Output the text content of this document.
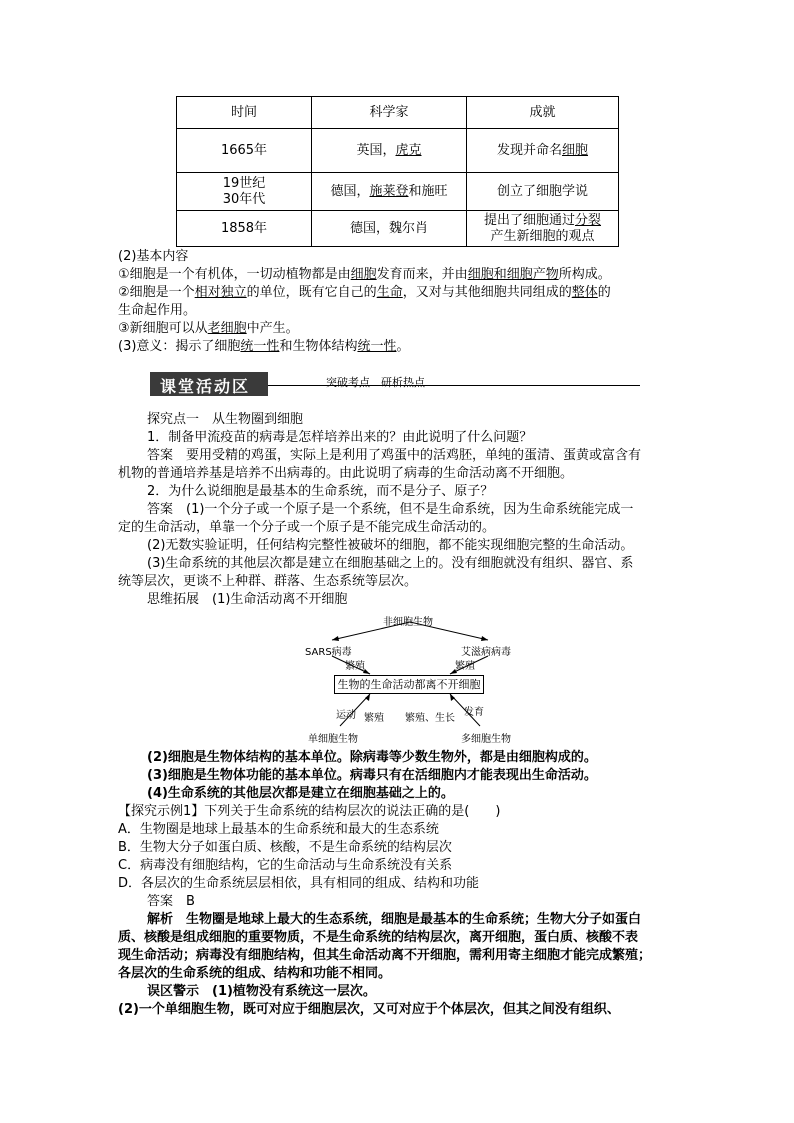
时间	科学家	成就
1665年	英国，虎克	发现并命名细胞

19世纪
30年代	德国，施莱登和施旺	创立了细胞学说
1858年	德国，魏尔肖	提出了细胞通过分裂
产生新细胞的观点
(2)基本内容
①细胞是一个有机体，一切动植物都是由细胞发育而来，并由细胞和细胞产物所构成。
②细胞是一个相对独立的单位，既有它自己的生命，又对与其他细胞共同组成的整体的
生命起作用。
③新细胞可以从老细胞中产生。
(3)意义：揭示了细胞统一性和生物体结构统一性。
课堂活动区	突破考点　研析热点
探究点一　从生物圈到细胞
1．制备甲流疫苗的病毒是怎样培养出来的？由此说明了什么问题？
答案　要用受精的鸡蛋，实际上是利用了鸡蛋中的活鸡胚，单纯的蛋清、蛋黄或富含有
机物的普通培养基是培养不出病毒的。由此说明了病毒的生命活动离不开细胞。
2．为什么说细胞是最基本的生命系统，而不是分子、原子？
答案　(1)一个分子或一个原子是一个系统，但不是生命系统，因为生命系统能完成一
定的生命活动，单靠一个分子或一个原子是不能完成生命活动的。
(2)无数实验证明，任何结构完整性被破坏的细胞，都不能实现细胞完整的生命活动。
(3)生命系统的其他层次都是建立在细胞基础之上的。没有细胞就没有组织、器官、系
统等层次，更谈不上种群、群落、生态系统等层次。
思维拓展　(1)生命活动离不开细胞
非细胞生物
SARS病毒	艾滋病病毒
繁殖	繁殖
生物的生命活动都离不开细胞
运动 繁殖 繁殖、生长
发育
单细胞生物	多细胞生物
(2)细胞是生物体结构的基本单位。除病毒等少数生物外，都是由细胞构成的。
(3)细胞是生物体功能的基本单位。病毒只有在活细胞内才能表现出生命活动。
(4)生命系统的其他层次都是建立在细胞基础之上的。
【探究示例1】下列关于生命系统的结构层次的说法正确的是(　　)
A．生物圈是地球上最基本的生命系统和最大的生态系统
B．生物大分子如蛋白质、核酸，不是生命系统的结构层次
C．病毒没有细胞结构，它的生命活动与生命系统没有关系
D．各层次的生命系统层层相依，具有相同的组成、结构和功能
答案　B
解析　生物圈是地球上最大的生态系统，细胞是最基本的生命系统；生物大分子如蛋白
质、核酸是组成细胞的重要物质，不是生命系统的结构层次，离开细胞，蛋白质、核酸不表
现生命活动；病毒没有细胞结构，但其生命活动离不开细胞，需利用寄主细胞才能完成繁殖；
各层次的生命系统的组成、结构和功能不相同。
误区警示　(1)植物没有系统这一层次。
(2)一个单细胞生物，既可对应于细胞层次，又可对应于个体层次，但其之间没有组织、
